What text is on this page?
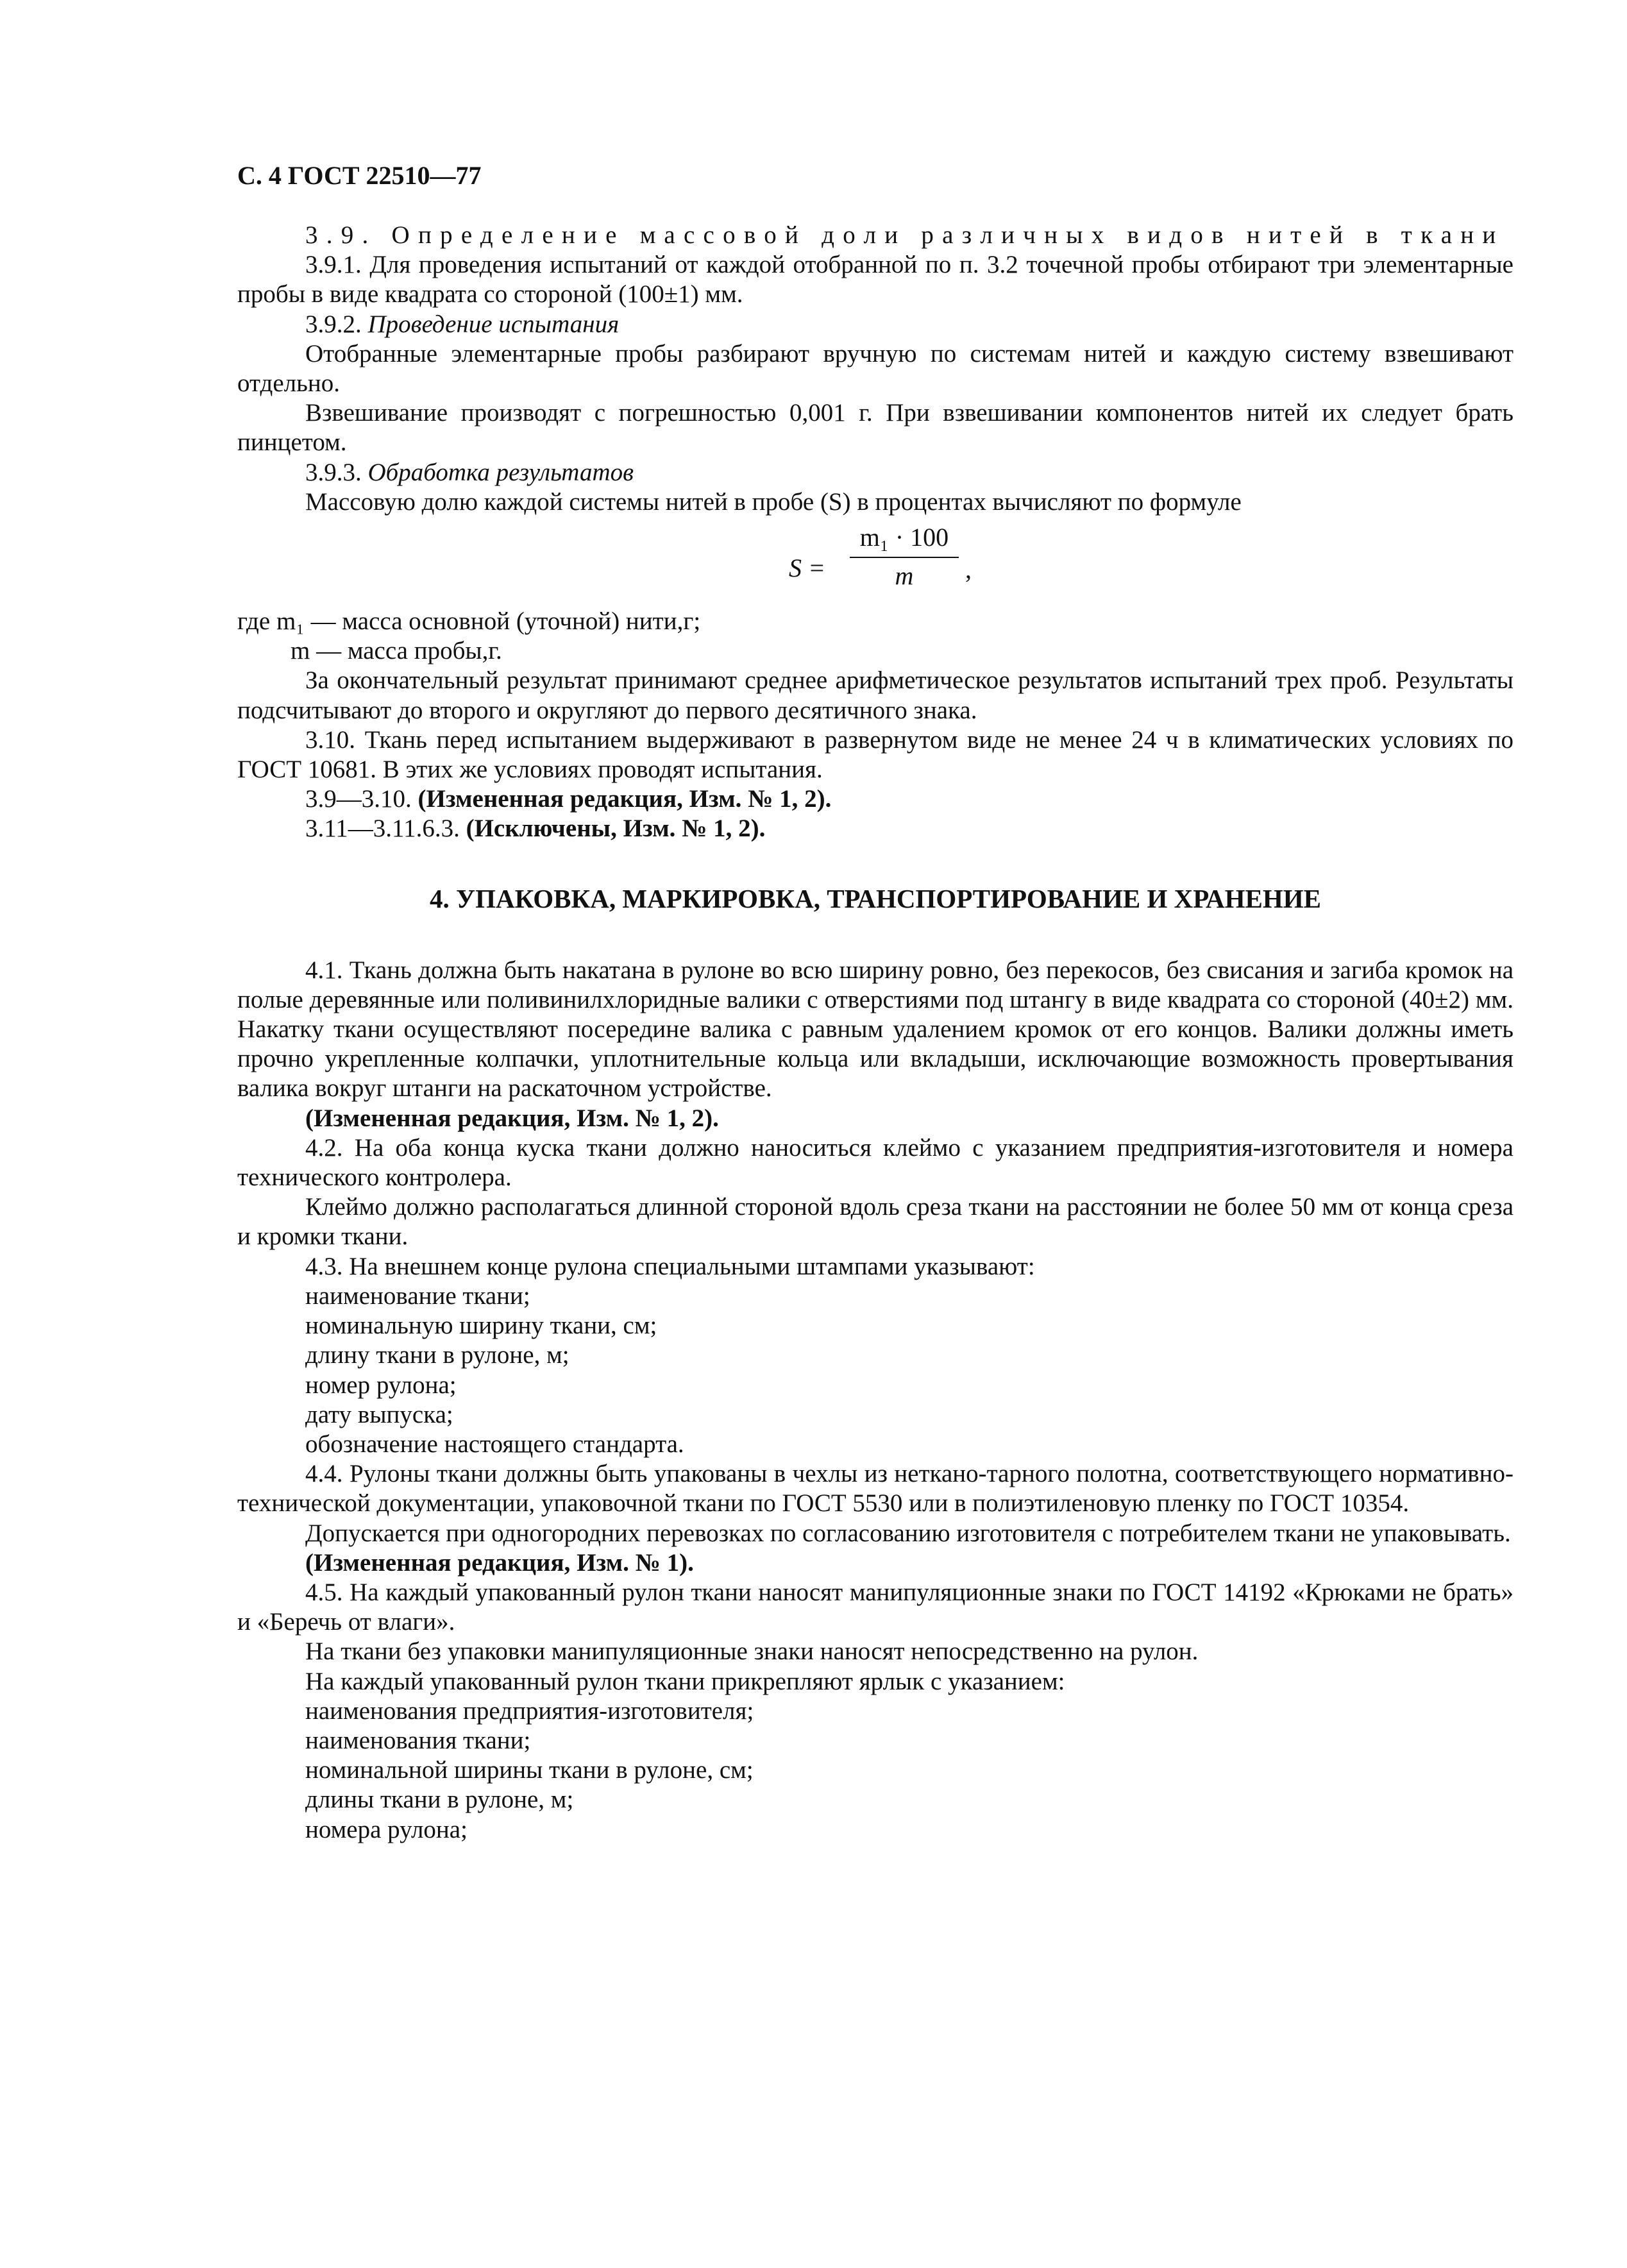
С. 4 ГОСТ 22510—77

3.9. Определение массовой доли различных видов нитей в ткани

3.9.1. Для проведения испытаний от каждой отобранной по п. 3.2 точечной пробы отбирают три элементарные пробы в виде квадрата со стороной (100±1) мм.

3.9.2. Проведение испытания

Отобранные элементарные пробы разбирают вручную по системам нитей и каждую систему взвешивают отдельно.

Взвешивание производят с погрешностью 0,001 г. При взвешивании компонентов нитей их следует брать пинцетом.

3.9.3. Обработка результатов

Массовую долю каждой системы нитей в пробе (S) в процентах вычисляют по формуле

$S = \frac{\text{m₁ · 100}}{m}$ ,
где m₁ — масса основной (уточной) нити,г;
m — масса пробы,г.

За окончательный результат принимают среднее арифметическое результатов испытаний трех проб. Результаты подсчитывают до второго и округляют до первого десятичного знака.

3.10. Ткань перед испытанием выдерживают в развернутом виде не менее 24 ч в климатических условиях по ГОСТ 10681. В этих же условиях проводят испытания.

3.9—3.10. (Измененная редакция, Изм. № 1, 2).

3.11—3.11.6.3. (Исключены, Изм. № 1, 2).

4. УПАКОВКА, МАРКИРОВКА, ТРАНСПОРТИРОВАНИЕ И ХРАНЕНИЕ

4.1. Ткань должна быть накатана в рулоне во всю ширину ровно, без перекосов, без свисания и загиба кромок на полые деревянные или поливинилхлоридные валики с отверстиями под штангу в виде квадрата со стороной (40±2) мм. Накатку ткани осуществляют посередине валика с равным удалением кромок от его концов. Валики должны иметь прочно укрепленные колпачки, уплотнительные кольца или вкладыши, исключающие возможность провертывания валика вокруг штанги на раскаточном устройстве.

(Измененная редакция, Изм. № 1, 2).

4.2. На оба конца куска ткани должно наноситься клеймо с указанием предприятия-изготовителя и номера технического контролера.

Клеймо должно располагаться длинной стороной вдоль среза ткани на расстоянии не более 50 мм от конца среза и кромки ткани.

4.3. На внешнем конце рулона специальными штампами указывают:

наименование ткани;

номинальную ширину ткани, см;

длину ткани в рулоне, м;

номер рулона;

дату выпуска;

обозначение настоящего стандарта.

4.4. Рулоны ткани должны быть упакованы в чехлы из неткано-тарного полотна, соответствующего нормативно-технической документации, упаковочной ткани по ГОСТ 5530 или в полиэтиленовую пленку по ГОСТ 10354.

Допускается при одногородних перевозках по согласованию изготовителя с потребителем ткани не упаковывать.

(Измененная редакция, Изм. № 1).

4.5. На каждый упакованный рулон ткани наносят манипуляционные знаки по ГОСТ 14192 «Крюками не брать» и «Беречь от влаги».

На ткани без упаковки манипуляционные знаки наносят непосредственно на рулон.

На каждый упакованный рулон ткани прикрепляют ярлык с указанием:

наименования предприятия-изготовителя;

наименования ткани;

номинальной ширины ткани в рулоне, см;

длины ткани в рулоне, м;

номера рулона;
